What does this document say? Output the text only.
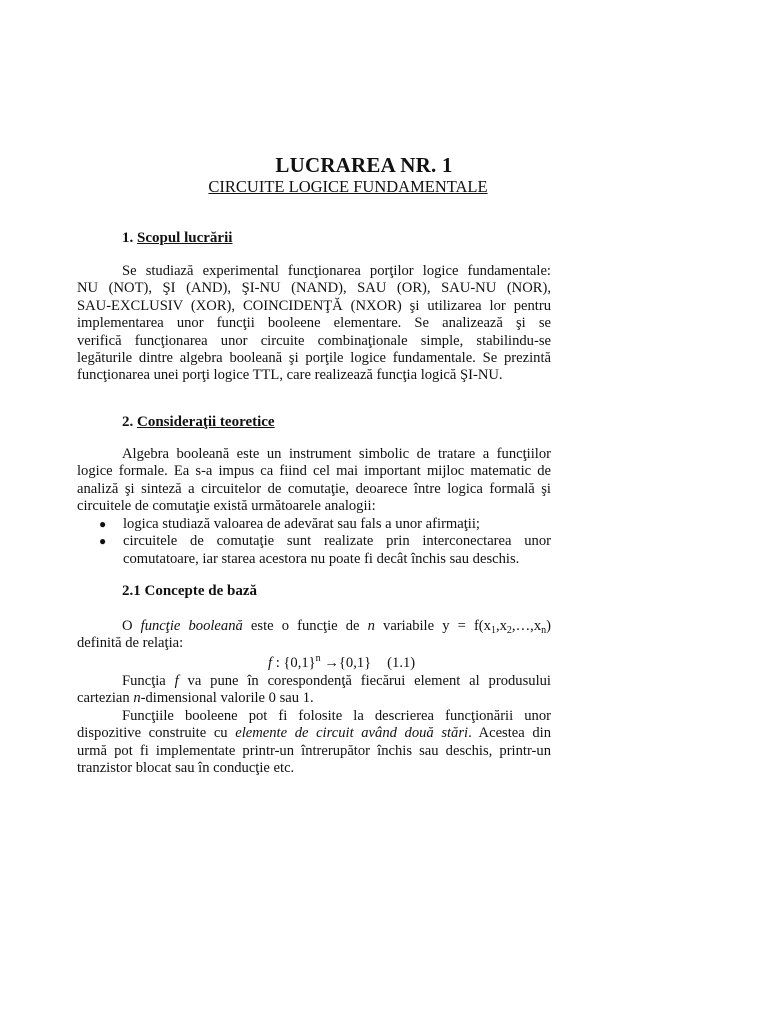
LUCRAREA NR. 1
CIRCUITE LOGICE FUNDAMENTALE
1. Scopul lucrării
Se studiază experimental funcţionarea porţilor logice fundamentale:
NU (NOT), ŞI (AND), ŞI-NU (NAND), SAU (OR), SAU-NU (NOR),
SAU-EXCLUSIV (XOR), COINCIDENŢĂ (NXOR) şi utilizarea lor pentru
implementarea unor funcţii booleene elementare. Se analizează şi se
verifică funcţionarea unor circuite combinaţionale simple, stabilindu-se
legăturile dintre algebra booleană şi porţile logice fundamentale. Se prezintă
funcţionarea unei porţi logice TTL, care realizează funcţia logică ŞI-NU.
2. Consideraţii teoretice
Algebra booleană este un instrument simbolic de tratare a funcţiilor
logice formale. Ea s-a impus ca fiind cel mai important mijloc matematic de
analiză şi sinteză a circuitelor de comutaţie, deoarece între logica formală şi
circuitele de comutaţie există următoarele analogii:
● logica studiază valoarea de adevărat sau fals a unor afirmaţii;
● circuitele de comutaţie sunt realizate prin interconectarea unor
comutatoare, iar starea acestora nu poate fi decât închis sau deschis.
2.1 Concepte de bază
O funcţie booleană este o funcţie de n variabile $y = f(x_1,x_2,\dots,x_n)$
definită de relaţia:
f : $\{0,1\}^n \to\{0,1\}$ (1.1)
Funcţia f va pune în corespondenţă fiecărui element al produsului
cartezian n-dimensional valorile 0 sau 1.
Funcţiile booleene pot fi folosite la descrierea funcţionării unor
dispozitive construite cu elemente de circuit având două stări. Acestea din
urmă pot fi implementate printr-un întrerupător închis sau deschis, printr-un
tranzistor blocat sau în conducţie etc.
